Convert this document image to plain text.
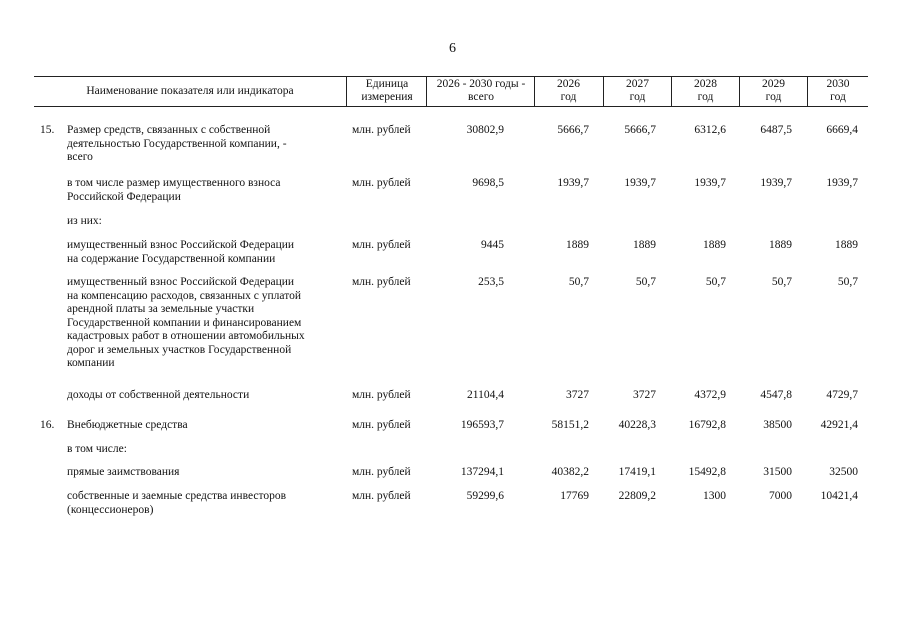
6
Наименование показателя или индикатора
Единица
измерения
2026 - 2030 годы -
всего
2026
год
2027
год
2028
год
2029
год
2030
год
15.	Размер средств, связанных с собственной
деятельностью Государственной компании, -
всего
млн. рублей	30802,9	5666,7	5666,7	6312,6	6487,5	6669,4
в том числе размер имущественного взноса
Российской Федерации
млн. рублей	9698,5	1939,7	1939,7	1939,7	1939,7	1939,7
из них:
имущественный взнос Российской Федерации
на содержание Государственной компании
млн. рублей	9445	1889	1889	1889	1889	1889
имущественный взнос Российской Федерации
на компенсацию расходов, связанных с уплатой
арендной платы за земельные участки
Государственной компании и финансированием
кадастровых работ в отношении автомобильных
дорог и земельных участков Государственной
компании
млн. рублей	253,5	50,7	50,7	50,7	50,7	50,7
доходы от собственной деятельности	млн. рублей	21104,4	3727	3727	4372,9	4547,8	4729,7
16.	Внебюджетные средства	млн. рублей	196593,7	58151,2	40228,3	16792,8	38500	42921,4
в том числе:
прямые заимствования	млн. рублей	137294,1	40382,2	17419,1	15492,8	31500	32500
собственные и заемные средства инвесторов
(концессионеров)
млн. рублей	59299,6	17769	22809,2	1300	7000	10421,4
